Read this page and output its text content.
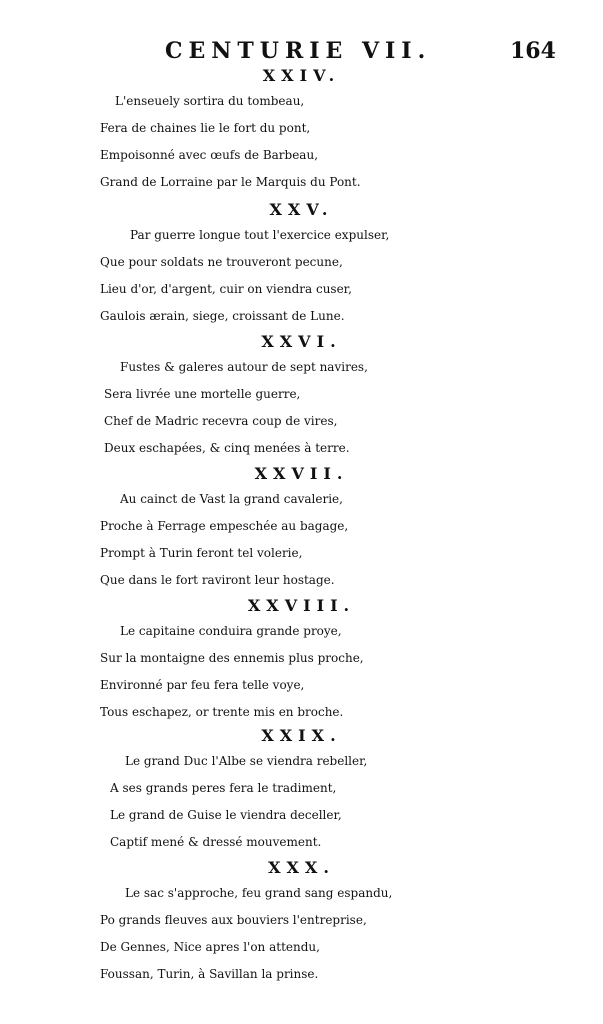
CENTURIE VII.	164
XXIV.
L'enseuely sortira du tombeau,
Fera de chaines lie le fort du pont,
Empoisonné avec œufs de Barbeau,
Grand de Lorraine par le Marquis du Pont.
XXV.
Par guerre longue tout l'exercice expulser,
Que pour soldats ne trouveront pecune,
Lieu d'or, d'argent, cuir on viendra cuser,
Gaulois ærain, siege, croissant de Lune.
XXVI.
Fustes & galeres autour de sept navires,
Sera livrée une mortelle guerre,
Chef de Madric recevra coup de vires,
Deux eschapées, & cinq menées à terre.
XXVII.
Au cainct de Vast la grand cavalerie,
Proche à Ferrage empeschée au bagage,
Prompt à Turin feront tel volerie,
Que dans le fort raviront leur hostage.
XXVIII.
Le capitaine conduira grande proye,
Sur la montaigne des ennemis plus proche,
Environné par feu fera telle voye,
Tous eschapez, or trente mis en broche.
XXIX.
Le grand Duc l'Albe se viendra rebeller,
A ses grands peres fera le tradiment,
Le grand de Guise le viendra deceller,
Captif mené & dressé mouvement.
XXX.
Le sac s'approche, feu grand sang espandu,
Po grands fleuves aux bouviers l'entreprise,
De Gennes, Nice apres l'on attendu,
Foussan, Turin, à Savillan la prinse.
